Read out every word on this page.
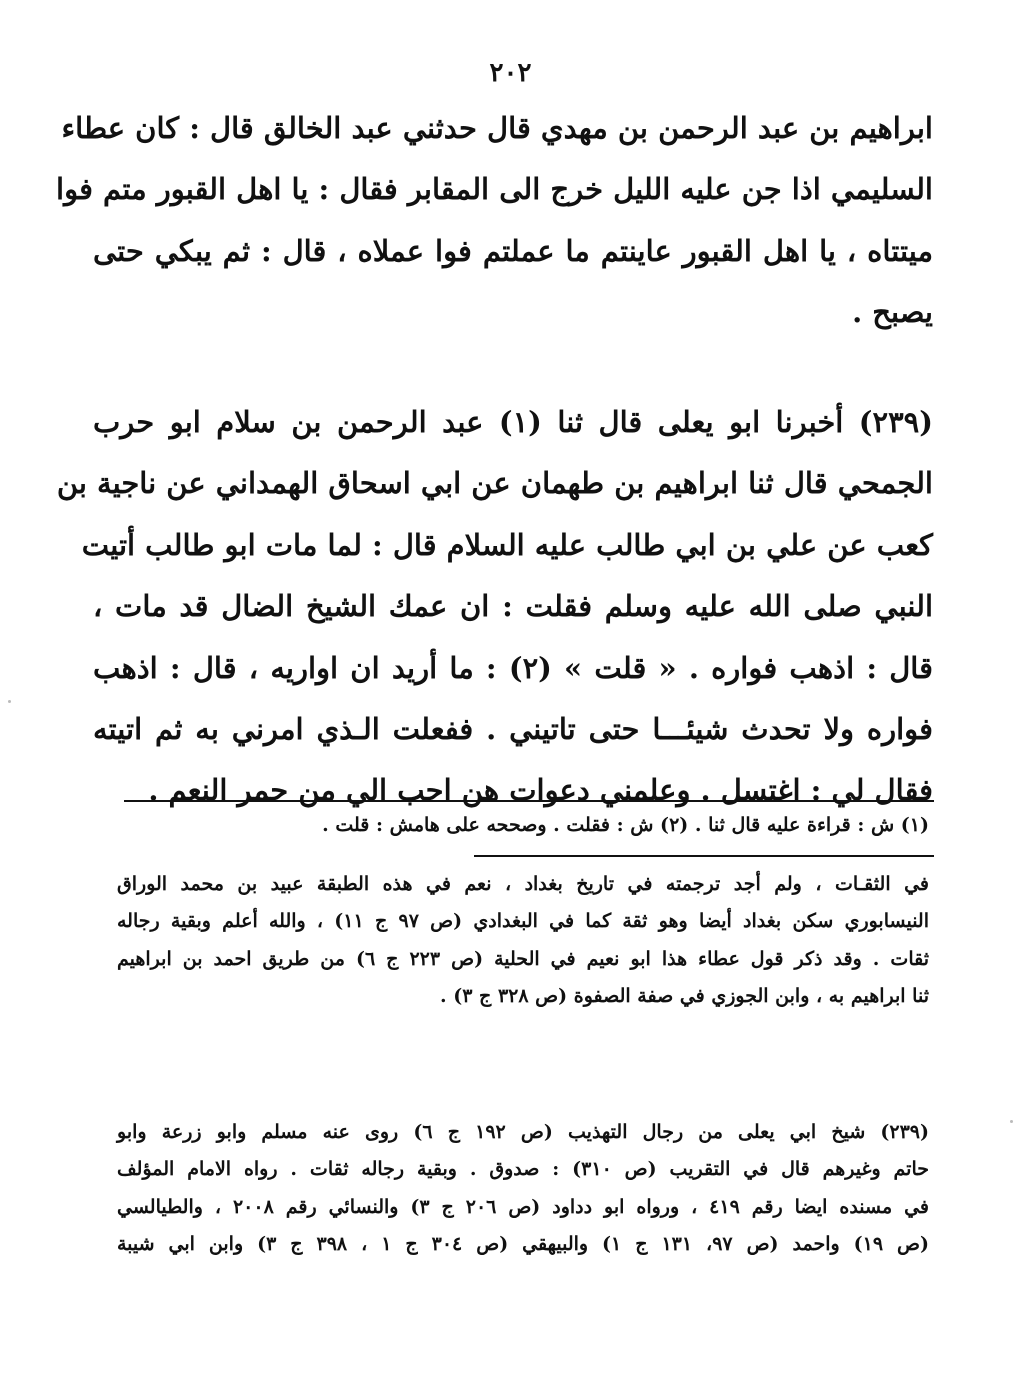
٢٠٢
ابراهيم بن عبد الرحمن بن مهدي قال حدثني عبد الخالق قال : كان عطاء
السليمي اذا جن عليه الليل خرج الى المقابر فقال : يا اهل القبور متم فوا
ميتتاه ، يا اهل القبور عاينتم ما عملتم فوا عملاه ، قال : ثم يبكي حتى
يصبح .
(٢٣٩) أخبرنا ابو يعلى قال ثنا (١) عبد الرحمن بن سلام ابو حرب
الجمحي قال ثنا ابراهيم بن طهمان عن ابي اسحاق الهمداني عن ناجية بن
كعب عن علي بن ابي طالب عليه السلام قال : لما مات ابو طالب أتيت
النبي صلى الله عليه وسلم فقلت : ان عمك الشيخ الضال قد مات ،
قال : اذهب فواره . « قلت » (٢) : ما أريد ان اواريه ، قال : اذهب
فواره ولا تحدث شيئـــا حتى تاتيني . ففعلت الـذي امرني به ثم اتيته
فقال لي : اغتسل . وعلمني دعوات هن احب الي من حمر النعم .
(١) ش : قراءة عليه قال ثنا . (٢) ش : فقلت . وصححه على هامش : قلت .
في الثقـات ، ولم أجد ترجمته في تاريخ بغداد ، نعم في هذه الطبقة عبيد بن محمد الوراق
النيسابوري سكن بغداد أيضا وهو ثقة كما في البغدادي (ص ٩٧ ج ١١) ، والله أعلم وبقية رجاله
ثقات . وقد ذكر قول عطاء هذا ابو نعيم في الحلية (ص ٢٢٣ ج ٦) من طريق احمد بن ابراهيم
ثنا ابراهيم به ، وابن الجوزي في صفة الصفوة (ص ٣٢٨ ج ٣) .
(٢٣٩) شيخ ابي يعلى من رجال التهذيب (ص ١٩٢ ج ٦) روى عنه مسلم وابو زرعة وابو
حاتم وغيرهم قال في التقريب (ص ٣١٠) : صدوق . وبقية رجاله ثقات . رواه الامام المؤلف
في مسنده ايضا رقم ٤١٩ ، ورواه ابو دداود (ص ٢٠٦ ج ٣) والنسائي رقم ٢٠٠٨ ، والطيالسي
(ص ١٩) واحمد (ص ٩٧، ١٣١ ج ١) والبيهقي (ص ٣٠٤ ج ١ ، ٣٩٨ ج ٣) وابن ابي شيبة
